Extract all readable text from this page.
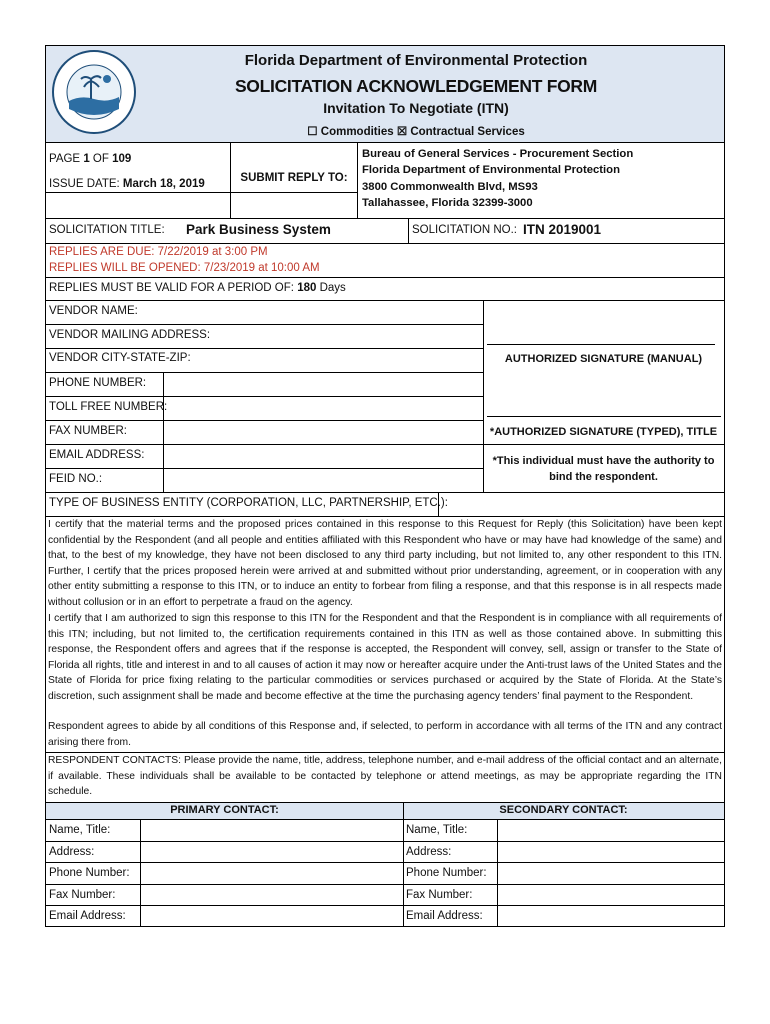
Florida Department of Environmental Protection
SOLICITATION ACKNOWLEDGEMENT FORM
Invitation To Negotiate (ITN)
☐ Commodities ☒ Contractual Services
PAGE 1 OF 109
ISSUE DATE: March 18, 2019	SUBMIT REPLY TO:
Bureau of General Services - Procurement Section
Florida Department of Environmental Protection
3800 Commonwealth Blvd, MS93
Tallahassee, Florida 32399-3000
SOLICITATION TITLE: Park Business System	SOLICITATION NO.: ITN 2019001
REPLIES ARE DUE: 7/22/2019 at 3:00 PM
REPLIES WILL BE OPENED: 7/23/2019 at 10:00 AM
REPLIES MUST BE VALID FOR A PERIOD OF: 180 Days
VENDOR NAME:
VENDOR MAILING ADDRESS:
VENDOR CITY-STATE-ZIP:
PHONE NUMBER:
TOLL FREE NUMBER:
FAX NUMBER:
EMAIL ADDRESS:
FEID NO.:
AUTHORIZED SIGNATURE (MANUAL)
*AUTHORIZED SIGNATURE (TYPED), TITLE
*This individual must have the authority to bind the respondent.
TYPE OF BUSINESS ENTITY (CORPORATION, LLC, PARTNERSHIP, ETC.):
I certify that the material terms and the proposed prices contained in this response to this Request for Reply (this Solicitation) have been kept confidential by the Respondent (and all people and entities affiliated with this Respondent who have or may have had knowledge of the same) and that, to the best of my knowledge, they have not been disclosed to any third party including, but not limited to, any other respondent to this ITN. Further, I certify that the prices proposed herein were arrived at and submitted without prior understanding, agreement, or in cooperation with any other entity submitting a response to this ITN, or to induce an entity to forbear from filing a response, and that this response is in all respects made without collusion or in an effort to perpetrate a fraud on the agency.
I certify that I am authorized to sign this response to this ITN for the Respondent and that the Respondent is in compliance with all requirements of this ITN; including, but not limited to, the certification requirements contained in this ITN as well as those contained above. In submitting this response, the Respondent offers and agrees that if the response is accepted, the Respondent will convey, sell, assign or transfer to the State of Florida all rights, title and interest in and to all causes of action it may now or hereafter acquire under the Anti-trust laws of the United States and the State of Florida for price fixing relating to the particular commodities or services purchased or acquired by the State of Florida. At the State’s discretion, such assignment shall be made and become effective at the time the purchasing agency tenders’ final payment to the Respondent.
Respondent agrees to abide by all conditions of this Response and, if selected, to perform in accordance with all terms of the ITN and any contract arising there from.
RESPONDENT CONTACTS: Please provide the name, title, address, telephone number, and e-mail address of the official contact and an alternate, if available. These individuals shall be available to be contacted by telephone or attend meetings, as may be appropriate regarding the ITN schedule.
PRIMARY CONTACT:	SECONDARY CONTACT:
Name, Title:	Name, Title:
Address:	Address:
Phone Number:	Phone Number:
Fax Number:	Fax Number:
Email Address:	Email Address:
